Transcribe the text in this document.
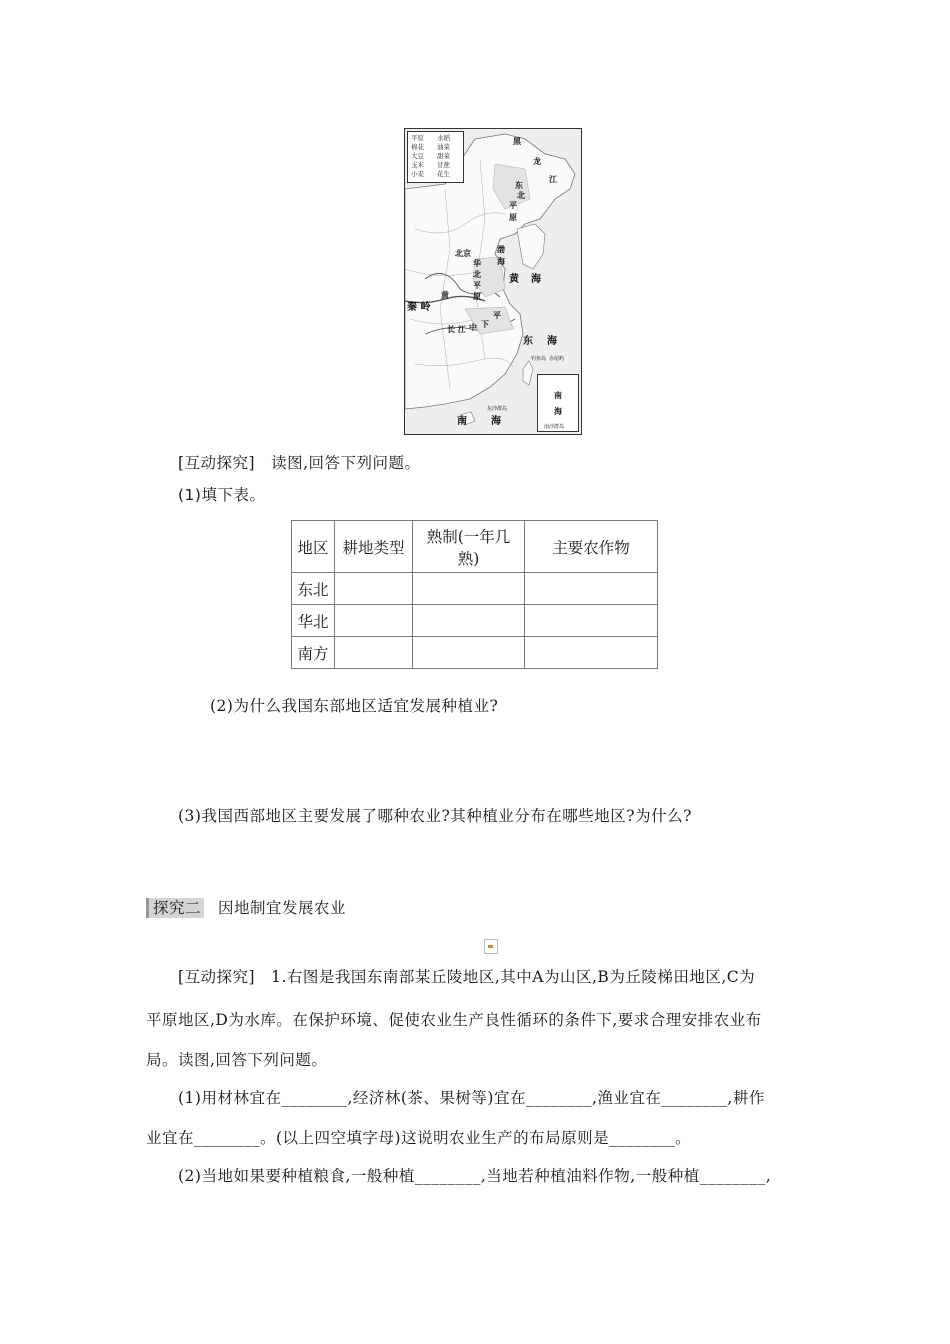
平原 水稻
棉花 油菜
大豆 甜菜
玉米 甘蔗
小麦 花生
黑
龙
江
东
北
平
原
北京	渤
海
华
北
平
原
黄
黄 海
秦 岭
长 江 中 下
平
东 海
钓鱼岛 赤尾屿
东沙群岛
南 海
南
海
南沙群岛
[互动探究]　读图,回答下列问题。
(1)填下表。
地区	耕地类型	熟制(一年几
熟)	主要农作物
东北			
华北			
南方			
(2)为什么我国东部地区适宜发展种植业?
(3)我国西部地区主要发展了哪种农业?其种植业分布在哪些地区?为什么?
探究二 因地制宜发展农业
[互动探究]　1.右图是我国东南部某丘陵地区,其中A为山区,B为丘陵梯田地区,C为
平原地区,D为水库。在保护环境、促使农业生产良性循环的条件下,要求合理安排农业布
局。读图,回答下列问题。
(1)用材林宜在________,经济林(茶、果树等)宜在________,渔业宜在________,耕作
业宜在________。(以上四空填字母)这说明农业生产的布局原则是________。
(2)当地如果要种植粮食,一般种植________,当地若种植油料作物,一般种植________,
